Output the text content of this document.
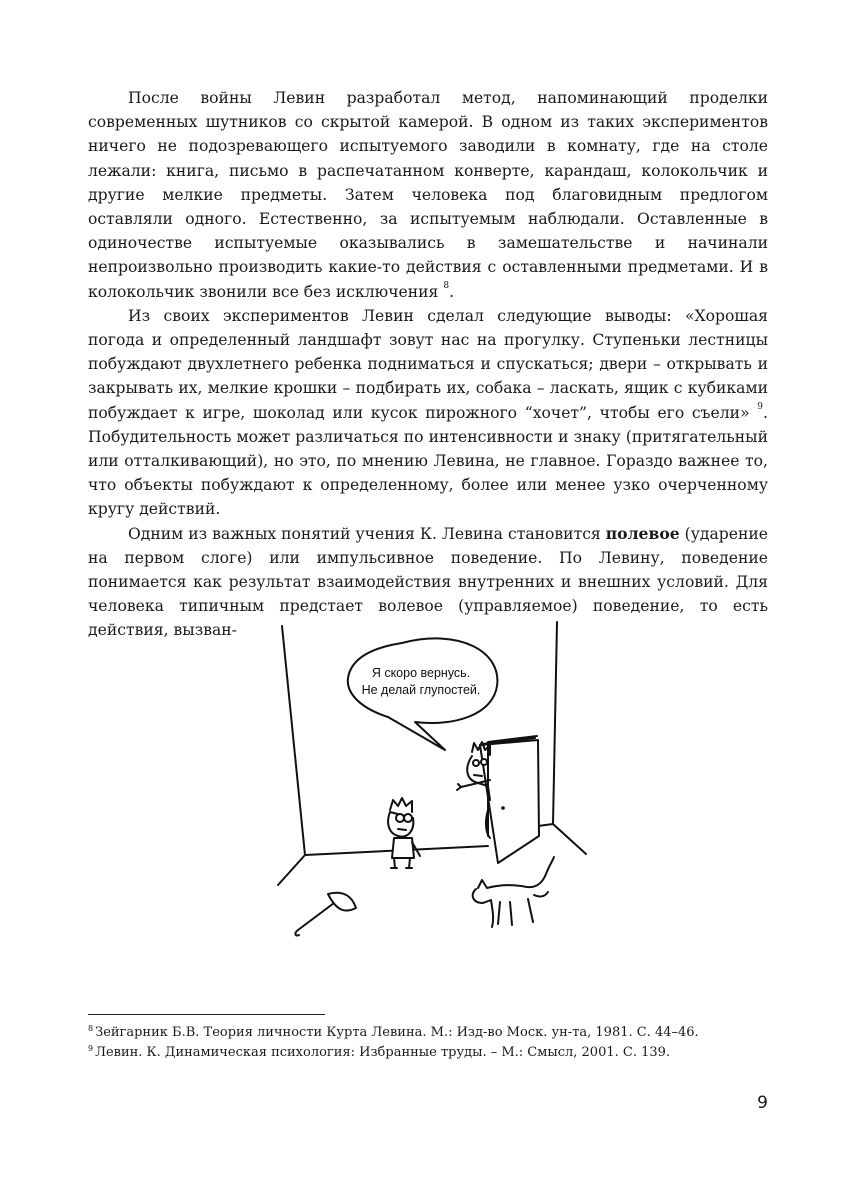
После войны Левин разработал метод, напоминающий проделки современных шутников со скрытой камерой. В одном из таких экспериментов ничего не подозревающего испытуемого заводили в комнату, где на столе лежали: книга, письмо в распечатанном конверте, карандаш, колокольчик и другие мелкие предметы. Затем человека под благовидным предлогом оставляли одного. Естественно, за испытуемым наблюдали. Оставленные в одиночестве испытуемые оказывались в замешательстве и начинали непроизвольно производить какие-то действия с оставленными предметами. И в колокольчик звонили все без исключения $^8$.

Из своих экспериментов Левин сделал следующие выводы: «Хорошая погода и определенный ландшафт зовут нас на прогулку. Ступеньки лестницы побуждают двухлетнего ребенка подниматься и спускаться; двери – открывать и закрывать их, мелкие крошки – подбирать их, собака – ласкать, ящик с кубиками побуждает к игре, шоколад или кусок пирожного “хочет”, чтобы его съели» $^9$. Побудительность может различаться по интенсивности и знаку (притягательный или отталкивающий), но это, по мнению Левина, не главное. Гораздо важнее то, что объекты побуждают к определенному, более или менее узко очерченному кругу действий.

Одним из важных понятий учения К. Левина становится полевое (ударение на первом слоге) или импульсивное поведение. По Левину, поведение понимается как результат взаимодействия внутренних и внешних условий. Для человека типичным предстает волевое (управляемое) поведение, то есть действия, вызван-

Я скоро вернусь.
Не делай глупостей.
$^8$ Зейгарник Б.В. Теория личности Курта Левина. М.: Изд-во Моск. ун-та, 1981. С. 44–46.
$^9$ Левин. К. Динамическая психология: Избранные труды. – М.: Смысл, 2001. С. 139.
9
